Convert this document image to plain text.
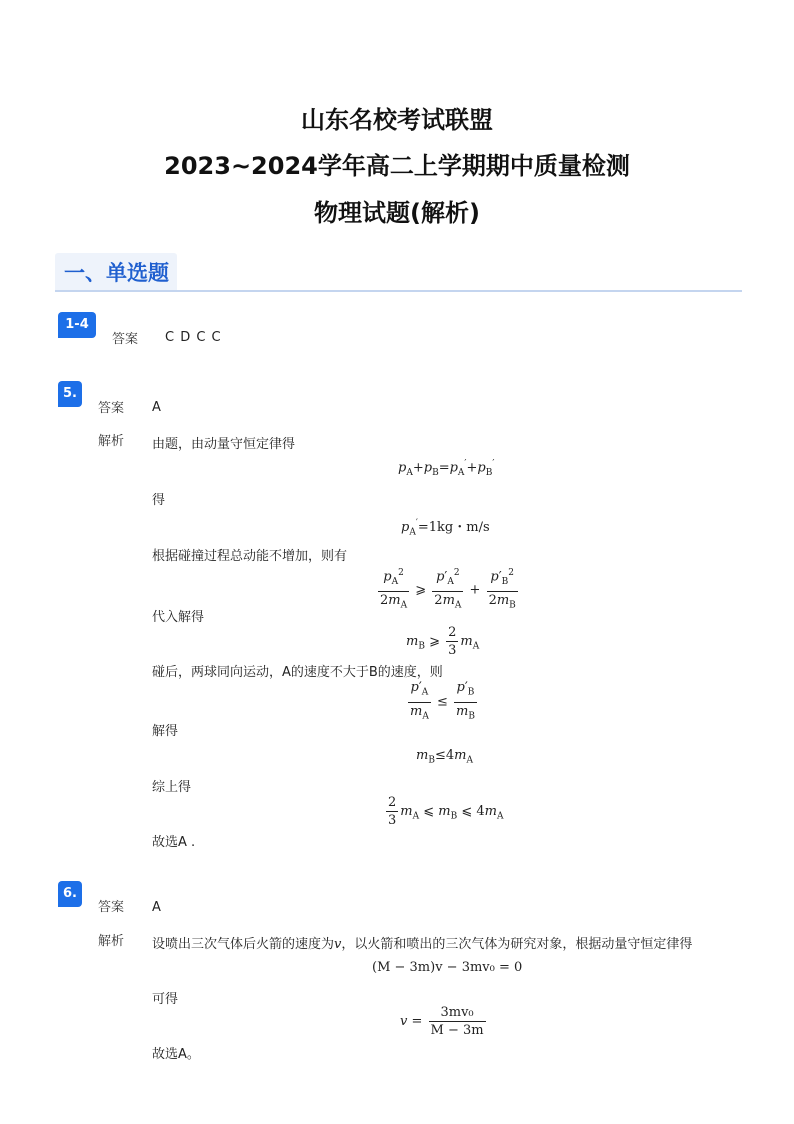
山东名校考试联盟
2023~2024学年高二上学期期中质量检测
物理试题(解析)
一、单选题
1-4
答案 C D C C
5.
答案 A
解析 由题，由动量守恒定律得
$p_A+p_B=p_A'+p_B'$
得
$p_A'=1kg$・m/s
根据碰撞过程总动能不增加，则有
$\frac{p_A^2}{2m_A}$ ⩾ $\frac{p'_A^2}{2m_A} + \frac{p'_B^2}{2m_B}$
代入解得
$m_B$ ⩾ $\frac{2}{3} m_A$
碰后，两球同向运动，A的速度不大于B的速度，则
$\frac{p'_A}{m_A} \le \frac{p'_B}{m_B}$
解得
$m_B\le 4m_A$
综上得
$\frac{2}{3} m_A$ ⩽ $m_B$ ⩽ $4m_A$
故选A .
6.
答案 A
解析 设喷出三次气体后火箭的速度为v，以火箭和喷出的三次气体为研究对象，根据动量守恒定律得
(M − 3m)v − 3mv₀ = 0
可得
$v = \frac{\text{3mv₀}}{M - 3m}$
故选A。
